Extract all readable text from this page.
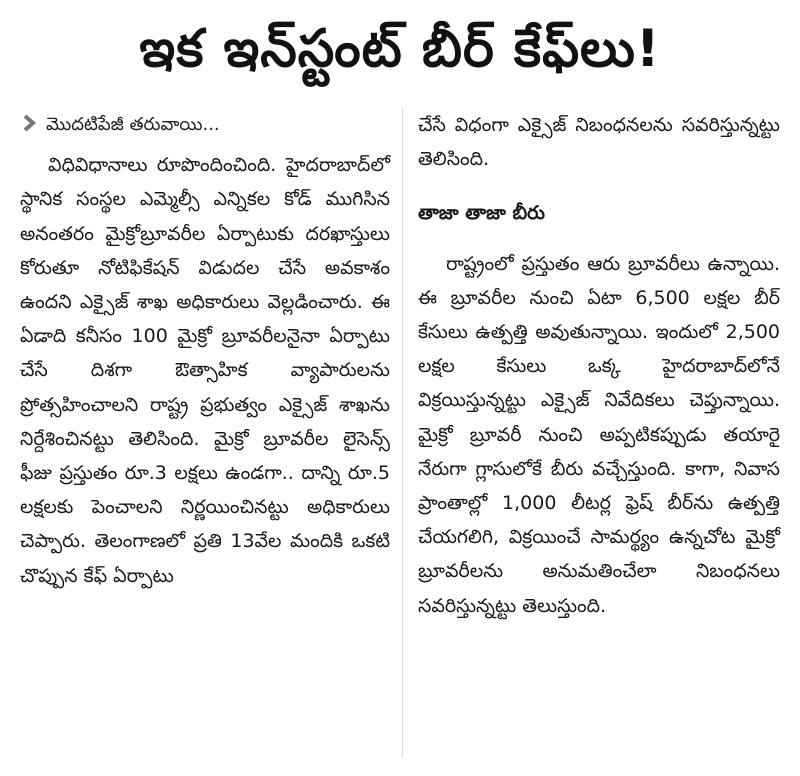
ఇక ఇన్‌స్టంట్ బీర్ కేఫ్‌లు!
మొదటిపేజీ తరువాయి...

విధివిధానాలు రూపొందించింది. హైదరాబాద్‌లో స్థానిక సంస్థల ఎమ్మెల్సీ ఎన్నికల కోడ్ ముగిసిన అనంతరం మైక్రోబ్రూవరీల ఏర్పాటుకు దరఖాస్తులు కోరుతూ నోటిఫికేషన్ విడుదల చేసే అవకాశం ఉందని ఎక్సైజ్ శాఖ అధికారులు వెల్లడించారు. ఈ ఏడాది కనీసం 100 మైక్రో బ్రూవరీలనైనా ఏర్పాటు చేసే దిశగా ఔత్సాహిక వ్యాపారులను ప్రోత్సహించాలని రాష్ట్ర ప్రభుత్వం ఎక్సైజ్ శాఖను నిర్దేశించినట్టు తెలిసింది. మైక్రో బ్రూవరీల లైసెన్స్ ఫీజు ప్రస్తుతం రూ.3 లక్షలు ఉండగా.. దాన్ని రూ.5 లక్షలకు పెంచాలని నిర్ణయించినట్టు అధికారులు చెప్పారు. తెలంగాణలో ప్రతి 13వేల మందికి ఒకటి చొప్పున కేఫ్ ఏర్పాటు

చేసే విధంగా ఎక్సైజ్ నిబంధనలను సవరిస్తున్నట్టు తెలిసింది.

తాజా తాజా బీరు

రాష్ట్రంలో ప్రస్తుతం ఆరు బ్రూవరీలు ఉన్నాయి. ఈ బ్రూవరీల నుంచి ఏటా 6,500 లక్షల బీర్ కేసులు ఉత్పత్తి అవుతున్నాయి. ఇందులో 2,500 లక్షల కేసులు ఒక్క హైదరాబాద్‌లోనే విక్రయిస్తున్నట్టు ఎక్సైజ్ నివేదికలు చెప్తున్నాయి. మైక్రో బ్రూవరీ నుంచి అప్పటికప్పుడు తయారై నేరుగా గ్లాసులోకే బీరు వచ్చేస్తుంది. కాగా, నివాస ప్రాంతాల్లో 1,000 లీటర్ల ఫ్రెష్ బీర్‌ను ఉత్పత్తి చేయగలిగి, విక్రయించే సామర్థ్యం ఉన్నచోట మైక్రో బ్రూవరీలను అనుమతించేలా నిబంధనలు సవరిస్తున్నట్టు తెలుస్తుంది.
